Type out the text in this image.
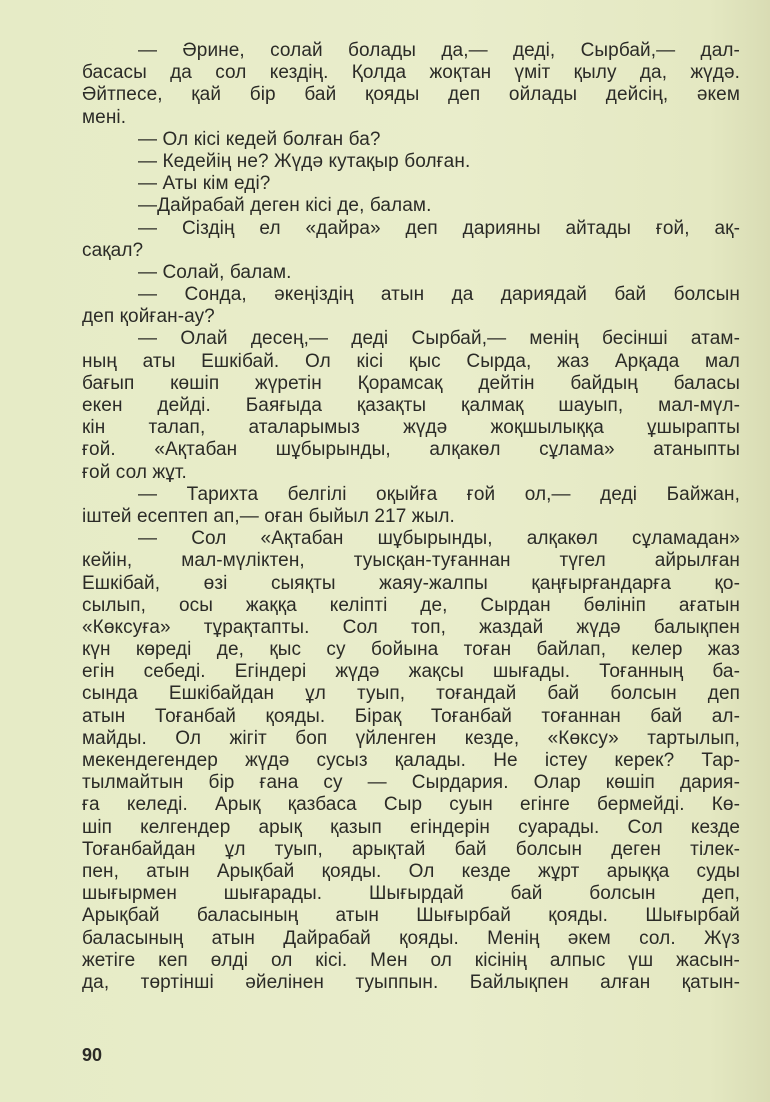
— Әрине, солай болады да,— деді, Сырбай,— дал-
басасы да сол кездің. Қолда жоқтан үміт қылу да, жүдә.
Әйтпесе, қай бір бай қояды деп ойлады дейсің, әкем
мені.
— Ол кісі кедей болған ба?
— Кедейің не? Жүдә кутақыр болған.
— Аты кім еді?
—Дайрабай деген кісі де, балам.
— Сіздің ел «дайра» деп дарияны айтады ғой, ақ-
сақал?
— Солай, балам.
— Сонда, әкеңіздің атын да дариядай бай болсын
деп қойған-ау?
— Олай десең,— деді Сырбай,— менің бесінші атам-
ның аты Ешкібай. Ол кісі қыс Сырда, жаз Арқада мал
бағып көшіп жүретін Қорамсақ дейтін байдың баласы
екен дейді. Баяғыда қазақты қалмақ шауып, мал-мүл-
кін талап, аталарымыз жүдә жоқшылыққа ұшырапты
ғой. «Ақтабан шұбырынды, алқакөл сұлама» атаныпты
ғой сол жұт.
— Тарихта белгілі оқыйға ғой ол,— деді Байжан,
іштей есептеп ап,— оған быйыл 217 жыл.
— Сол «Ақтабан шұбырынды, алқакөл сұламадан»
кейін, мал-мүліктен, туысқан-туғаннан түгел айрылған
Ешкібай, өзі сыяқты жаяу-жалпы қаңғырғандарға қо-
сылып, осы жаққа келіпті де, Сырдан бөлініп ағатын
«Көксуға» тұрақтапты. Сол топ, жаздай жүдә балықпен
күн көреді де, қыс су бойына тоған байлап, келер жаз
егін себеді. Егіндері жүдә жақсы шығады. Тоғанның ба-
сында Ешкібайдан ұл туып, тоғандай бай болсын деп
атын Тоғанбай қояды. Бірақ Тоғанбай тоғаннан бай ал-
майды. Ол жігіт боп үйленген кезде, «Көксу» тартылып,
мекендегендер жүдә сусыз қалады. Не істеу керек? Тар-
тылмайтын бір ғана су — Сырдария. Олар көшіп дария-
ға келеді. Арық қазбаса Сыр суын егінге бермейді. Кө-
шіп келгендер арық қазып егіндерін суарады. Сол кезде
Тоғанбайдан ұл туып, арықтай бай болсын деген тілек-
пен, атын Арықбай қояды. Ол кезде жұрт арыққа суды
шығырмен шығарады. Шығырдай бай болсын деп,
Арықбай баласының атын Шығырбай қояды. Шығырбай
баласының атын Дайрабай қояды. Менің әкем сол. Жүз
жетіге кеп өлді ол кісі. Мен ол кісінің алпыс үш жасын-
да, төртінші әйелінен туыппын. Байлықпен алған қатын-
90
